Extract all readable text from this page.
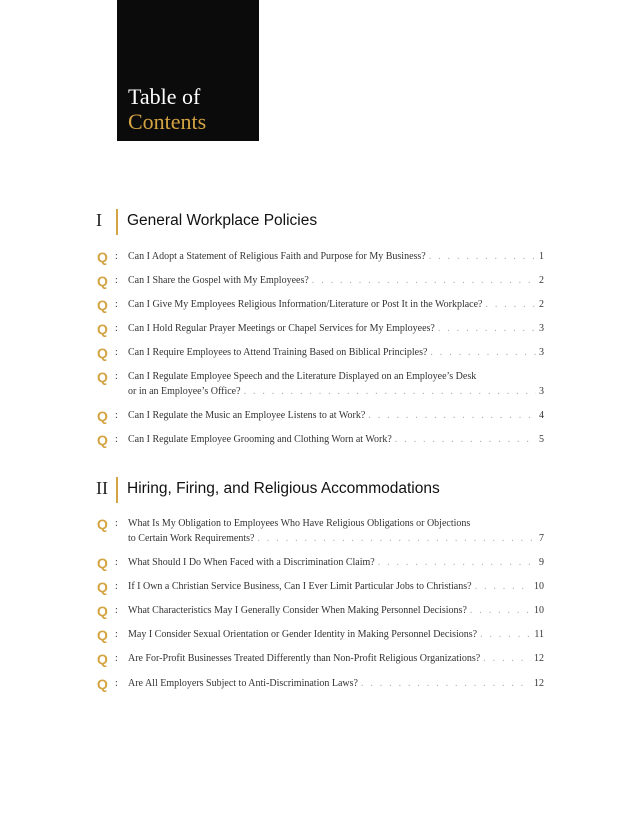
Table of
Contents
I	General Workplace Policies
Q : Can I Adopt a Statement of Religious Faith and Purpose for My Business? . . .	1
Q : Can I Share the Gospel with My Employees? . . .	2
Q : Can I Give My Employees Religious Information/Literature or Post It in the Workplace? . . .	2
Q : Can I Hold Regular Prayer Meetings or Chapel Services for My Employees? . . .	3
Q : Can I Require Employees to Attend Training Based on Biblical Principles? . . .	3
Q : Can I Regulate Employee Speech and the Literature Displayed on an Employee’s Desk
or in an Employee’s Office? . . .	3
Q : Can I Regulate the Music an Employee Listens to at Work? . . .	4
Q : Can I Regulate Employee Grooming and Clothing Worn at Work? . . .	5
II Hiring, Firing, and Religious Accommodations
Q : What Is My Obligation to Employees Who Have Religious Obligations or Objections
to Certain Work Requirements? . . .	7
Q : What Should I Do When Faced with a Discrimination Claim? . . .	9
Q : If I Own a Christian Service Business, Can I Ever Limit Particular Jobs to Christians? . . .	10
Q : What Characteristics May I Generally Consider When Making Personnel Decisions? . . .	10
Q : May I Consider Sexual Orientation or Gender Identity in Making Personnel Decisions? . . .	11
Q : Are For-Profit Businesses Treated Differently than Non-Profit Religious Organizations? . . .	12
Q : Are All Employers Subject to Anti-Discrimination Laws? . . .	12
